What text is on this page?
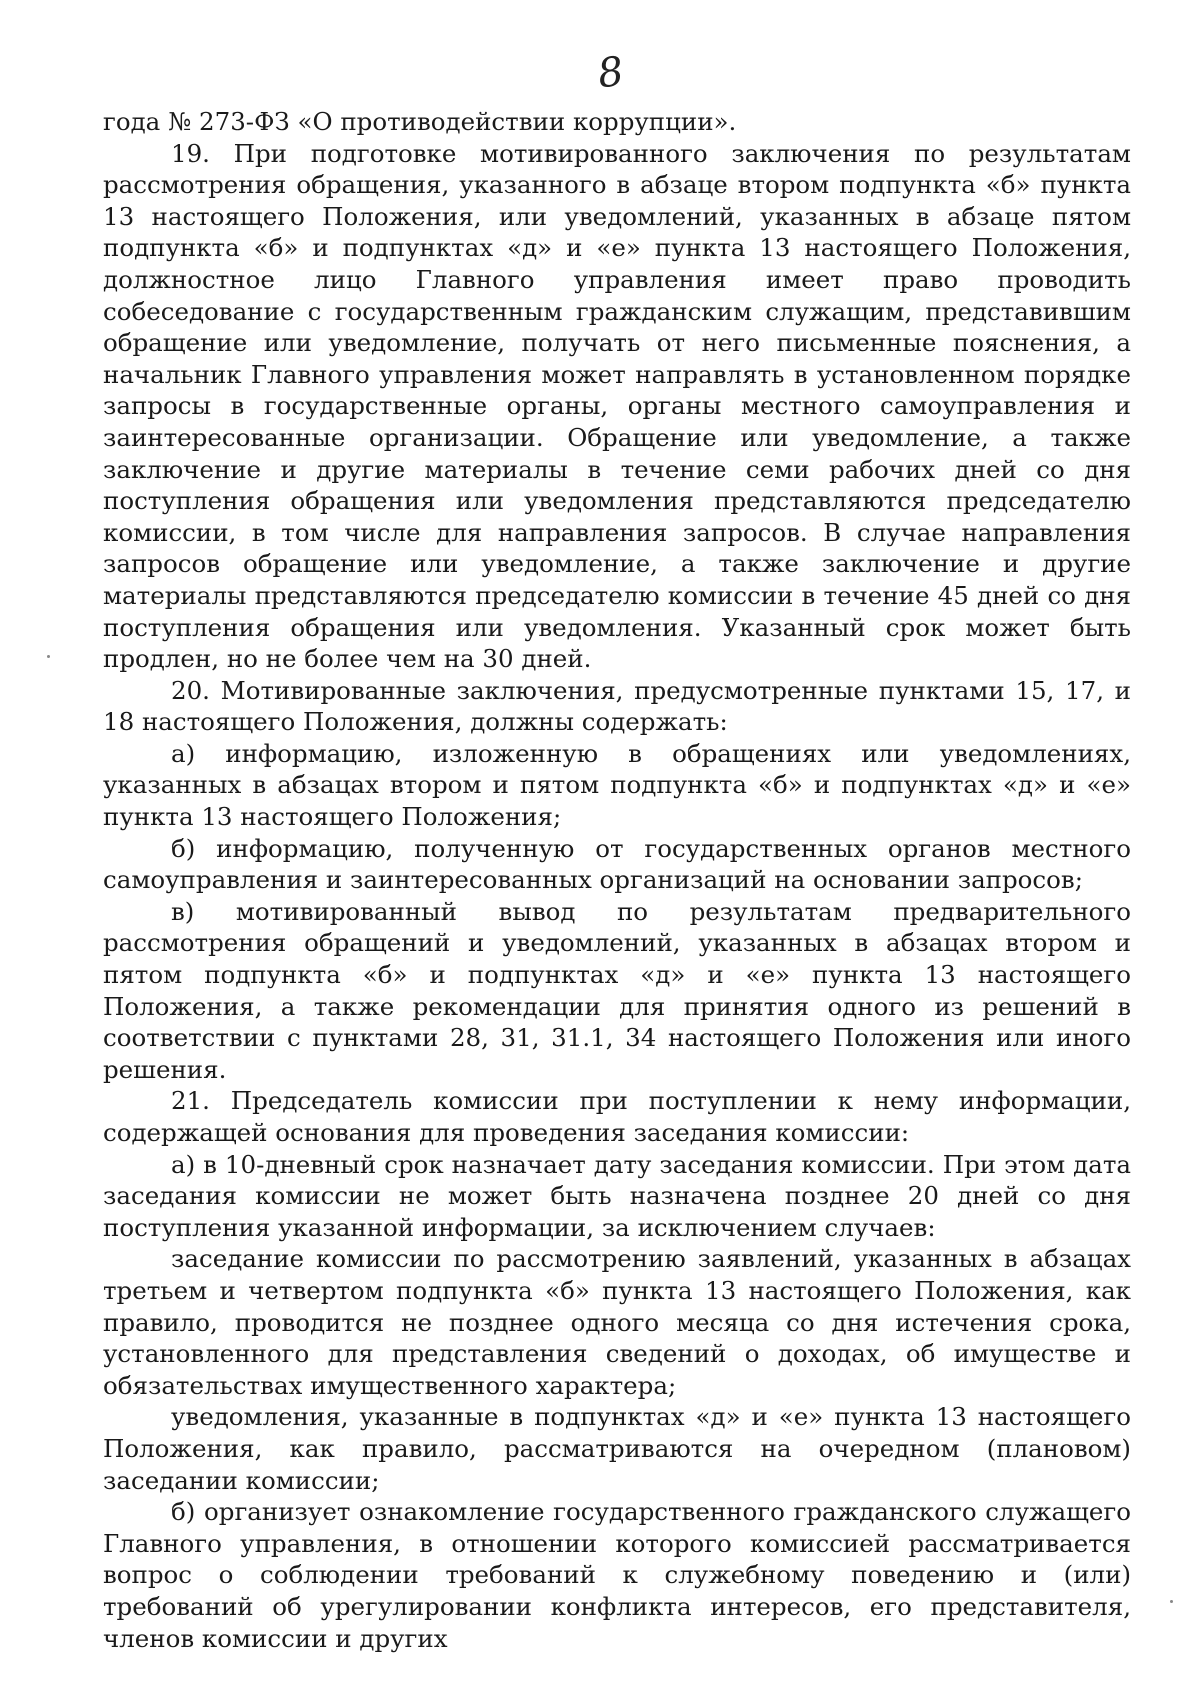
8

года № 273-ФЗ «О противодействии коррупции».

19. При подготовке мотивированного заключения по результатам рассмотрения обращения, указанного в абзаце втором подпункта «б» пункта 13 настоящего Положения, или уведомлений, указанных в абзаце пятом подпункта «б» и подпунктах «д» и «е» пункта 13 настоящего Положения, должностное лицо Главного управления имеет право проводить собеседование с государственным гражданским служащим, представившим обращение или уведомление, получать от него письменные пояснения, а начальник Главного управления может направлять в установленном порядке запросы в государственные органы, органы местного самоуправления и заинтересованные организации. Обращение или уведомление, а также заключение и другие материалы в течение семи рабочих дней со дня поступления обращения или уведомления представляются председателю комиссии, в том числе для направления запросов. В случае направления запросов обращение или уведомление, а также заключение и другие материалы представляются председателю комиссии в течение 45 дней со дня поступления обращения или уведомления. Указанный срок может быть продлен, но не более чем на 30 дней.

20. Мотивированные заключения, предусмотренные пунктами 15, 17, и 18 настоящего Положения, должны содержать:

а) информацию, изложенную в обращениях или уведомлениях, указанных в абзацах втором и пятом подпункта «б» и подпунктах «д» и «е» пункта 13 настоящего Положения;

б) информацию, полученную от государственных органов местного самоуправления и заинтересованных организаций на основании запросов;

в) мотивированный вывод по результатам предварительного рассмотрения обращений и уведомлений, указанных в абзацах втором и пятом подпункта «б» и подпунктах «д» и «е» пункта 13 настоящего Положения, а также рекомендации для принятия одного из решений в соответствии с пунктами 28, 31, 31.1, 34 настоящего Положения или иного решения.

21. Председатель комиссии при поступлении к нему информации, содержащей основания для проведения заседания комиссии:

а) в 10-дневный срок назначает дату заседания комиссии. При этом дата заседания комиссии не может быть назначена позднее 20 дней со дня поступления указанной информации, за исключением случаев:

заседание комиссии по рассмотрению заявлений, указанных в абзацах третьем и четвертом подпункта «б» пункта 13 настоящего Положения, как правило, проводится не позднее одного месяца со дня истечения срока, установленного для представления сведений о доходах, об имуществе и обязательствах имущественного характера;

уведомления, указанные в подпунктах «д» и «е» пункта 13 настоящего Положения, как правило, рассматриваются на очередном (плановом) заседании комиссии;

б) организует ознакомление государственного гражданского служащего Главного управления, в отношении которого комиссией рассматривается вопрос о соблюдении требований к служебному поведению и (или) требований об урегулировании конфликта интересов, его представителя, членов комиссии и других
